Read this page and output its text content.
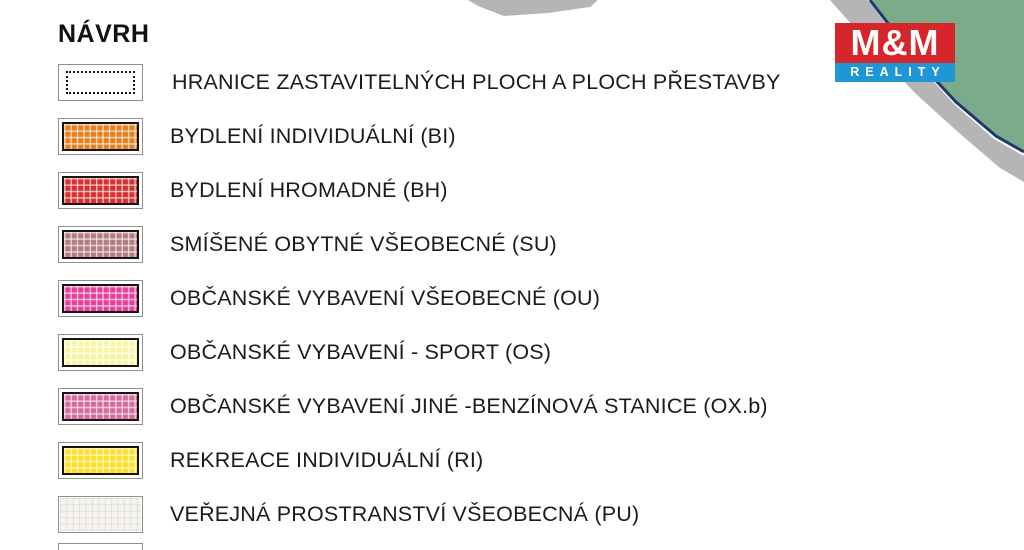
NÁVRH
HRANICE ZASTAVITELNÝCH PLOCH A PLOCH PŘESTAVBY
BYDLENÍ INDIVIDUÁLNÍ (BI)
BYDLENÍ HROMADNÉ (BH)
SMÍŠENÉ OBYTNÉ VŠEOBECNÉ (SU)
OBČANSKÉ VYBAVENÍ VŠEOBECNÉ (OU)
OBČANSKÉ VYBAVENÍ - SPORT (OS)
OBČANSKÉ VYBAVENÍ JINÉ -BENZÍNOVÁ STANICE (OX.b)
REKREACE INDIVIDUÁLNÍ (RI)
VEŘEJNÁ PROSTRANSTVÍ VŠEOBECNÁ (PU)
M&M
REALITY
